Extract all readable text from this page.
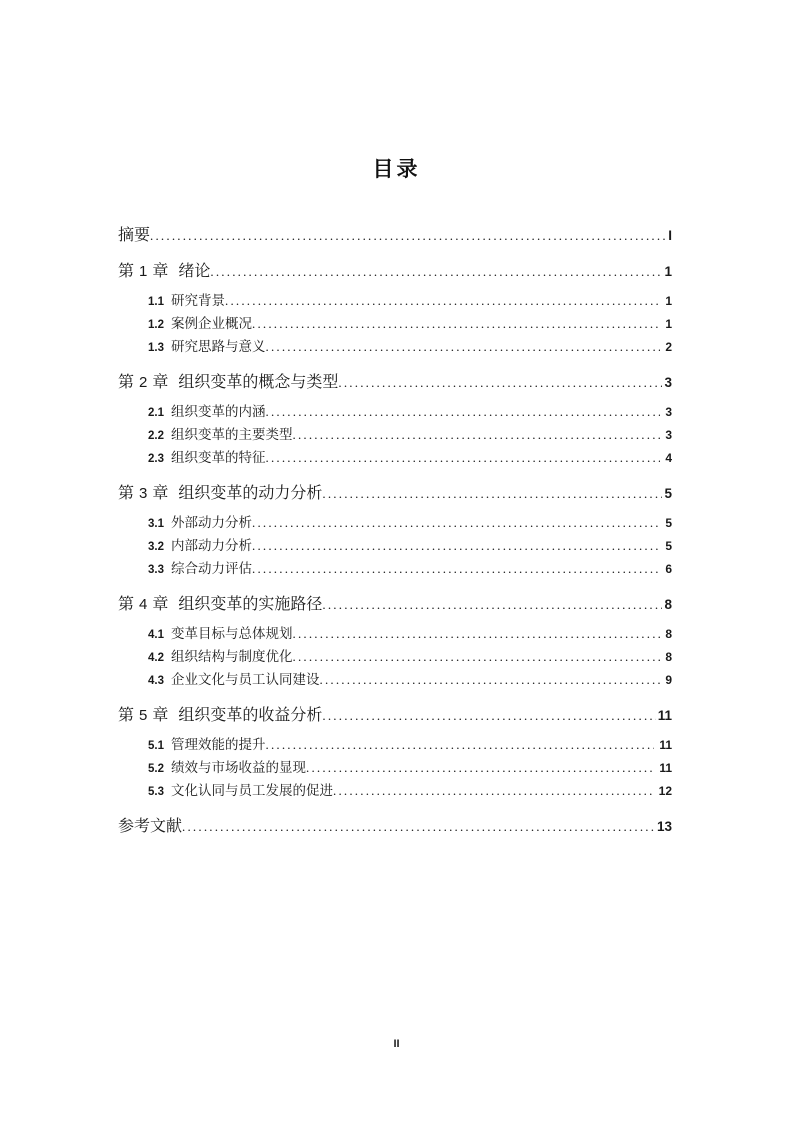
目录
摘要 .....	I
第 1 章 绪论 .....	1
1.1 研究背景 .....	1
1.2 案例企业概况 .....	1
1.3 研究思路与意义 .....	2
第 2 章 组织变革的概念与类型 .....	3
2.1 组织变革的内涵 .....	3
2.2 组织变革的主要类型 .....	3
2.3 组织变革的特征 .....	4
第 3 章 组织变革的动力分析 .....	5
3.1 外部动力分析 .....	5
3.2 内部动力分析 .....	5
3.3 综合动力评估 .....	6
第 4 章 组织变革的实施路径 .....	8
4.1 变革目标与总体规划 .....	8
4.2 组织结构与制度优化 .....	8
4.3 企业文化与员工认同建设 .....	9
第 5 章 组织变革的收益分析 .....	11
5.1 管理效能的提升 .....	11
5.2 绩效与市场收益的显现 .....	11
5.3 文化认同与员工发展的促进 .....	12
参考文献 .....	13
II
